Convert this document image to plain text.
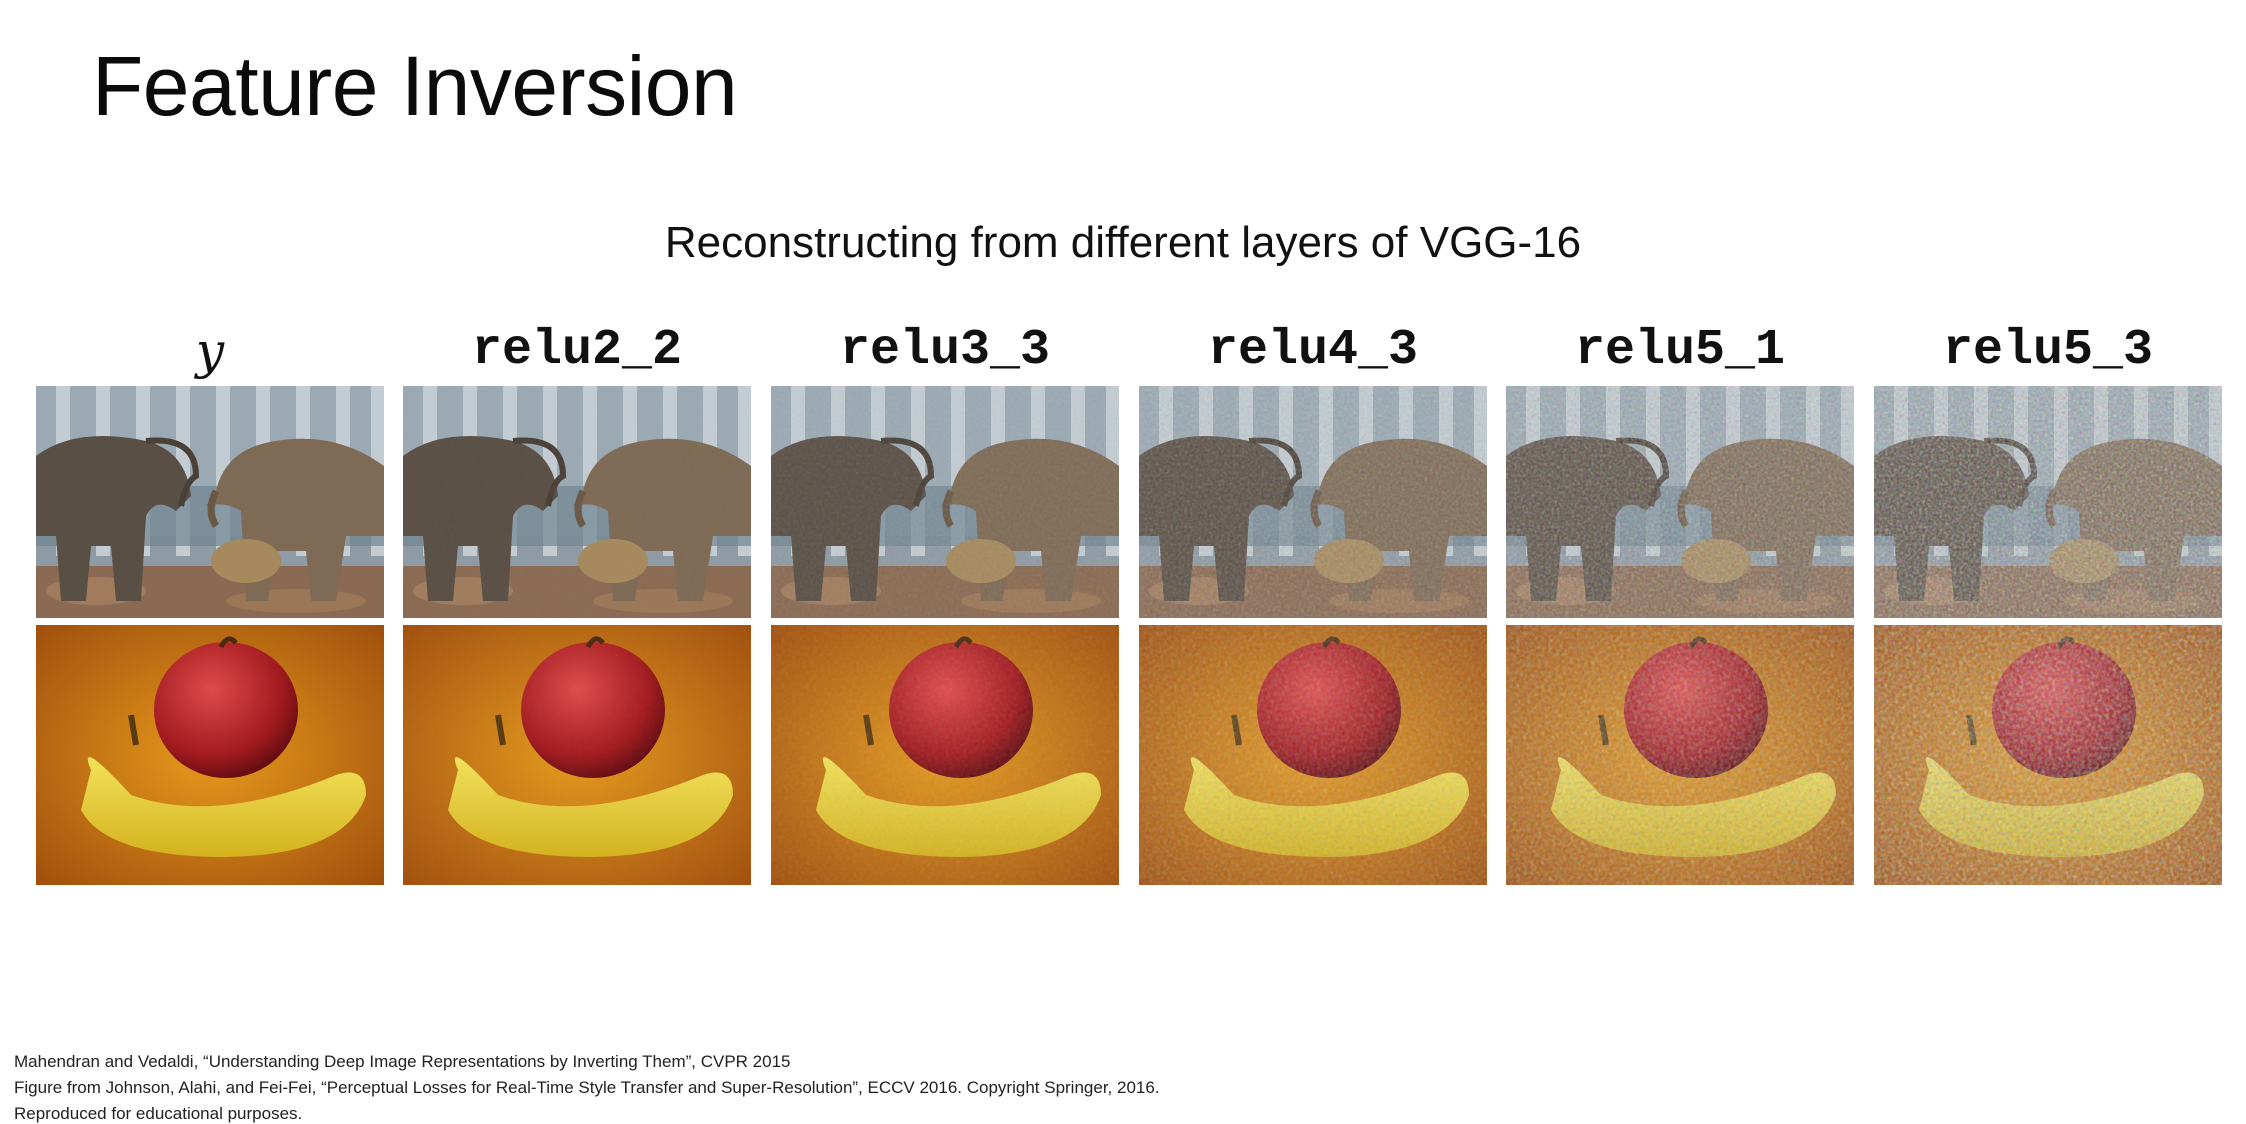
Feature Inversion
Reconstructing from different layers of VGG-16
y	relu2_2	relu3_3	relu4_3	relu5_1	relu5_3
Mahendran and Vedaldi, “Understanding Deep Image Representations by Inverting Them”, CVPR 2015
Figure from Johnson, Alahi, and Fei-Fei, “Perceptual Losses for Real-Time Style Transfer and Super-Resolution”, ECCV 2016. Copyright Springer, 2016.
Reproduced for educational purposes.
